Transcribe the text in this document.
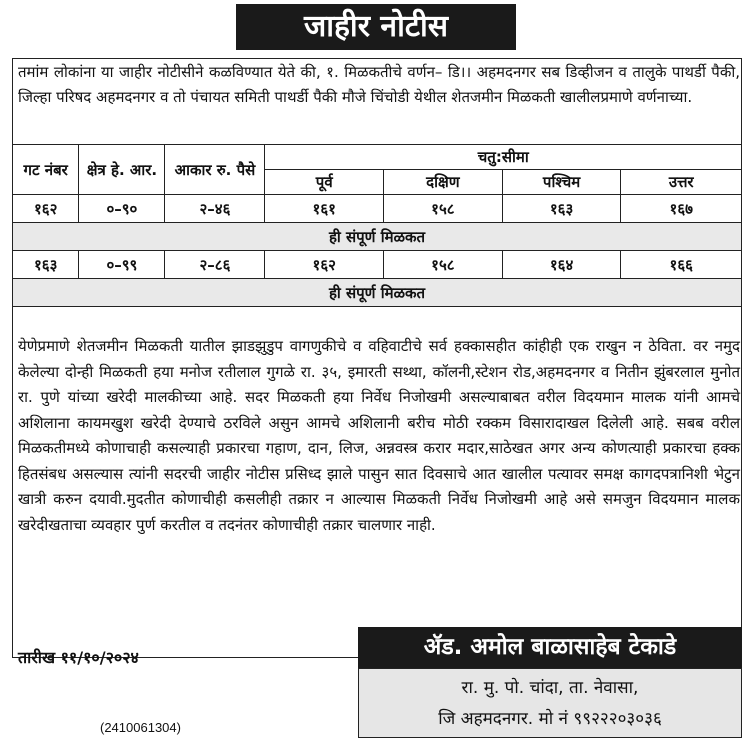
जाहीर नोटीस

तमांम लोकांना या जाहीर नोटीसीने कळविण्यात येते की, १. मिळकतीचे वर्णन– डि।। अहमदनगर सब डिव्हीजन व तालुके पाथर्डी पैकी, जिल्हा परिषद अहमदनगर व तो पंचायत समिती पाथर्डी पैकी मौजे चिंचोडी येथील शेतजमीन मिळकती खालीलप्रमाणे वर्णनाच्या.

गट नंबर	क्षेत्र हे. आर.	आकार रु. पैसे	चतु:सीमा			
			पूर्व	दक्षिण	पश्चिम	उत्तर
१६२	०–९०	२–४६	१६१	१५८	१६३	१६७
ही संपूर्ण मिळकत						
१६३	०–९९	२–८६	१६२	१५८	१६४	१६६
ही संपूर्ण मिळकत						

येणेप्रमाणे शेतजमीन मिळकती यातील झाडझुडुप वागणुकीचे व वहिवाटीचे सर्व हक्कासहीत कांहीही एक राखुन न ठेविता. वर नमुद केलेल्या दोन्ही मिळकती हया मनोज रतीलाल गुगळे रा. ३५, इमारती सथ्था, कॉलनी,स्टेशन रोड,अहमदनगर व नितीन झुंबरलाल मुनोत रा. पुणे यांच्या खरेदी मालकीच्या आहे. सदर मिळकती हया निर्वेध निजोखमी असल्याबाबत वरील विदयमान मालक यांनी आमचे अशिलाना कायमखुश खरेदी देण्याचे ठरविले असुन आमचे अशिलानी बरीच मोठी रक्कम विसारादाखल दिलेली आहे. सबब वरील मिळकतीमध्ये कोणाचाही कसल्याही प्रकारचा गहाण, दान, लिज, अन्नवस्त्र करार मदार,साठेखत अगर अन्य कोणत्याही प्रकारचा हक्क हितसंबध असल्यास त्यांनी सदरची जाहीर नोटीस प्रसिध्द झाले पासुन सात दिवसाचे आत खालील पत्यावर समक्ष कागदपत्रानिशी भेटुन खात्री करुन दयावी.मुदतीत कोणाचीही कसलीही तक्रार न आल्यास मिळकती निर्वेध निजोखमी आहे असे समजुन विदयमान मालक खरेदीखताचा व्यवहार पुर्ण करतील व तदनंतर कोणाचीही तक्रार चालणार नाही.

तारीख ११/१०/२०२४	ॲड. अमोल बाळासाहेब टेकाडे
रा. मु. पो. चांदा, ता. नेवासा,
जि अहमदनगर. मो नं ९९२२२०३०३६
(2410061304)
